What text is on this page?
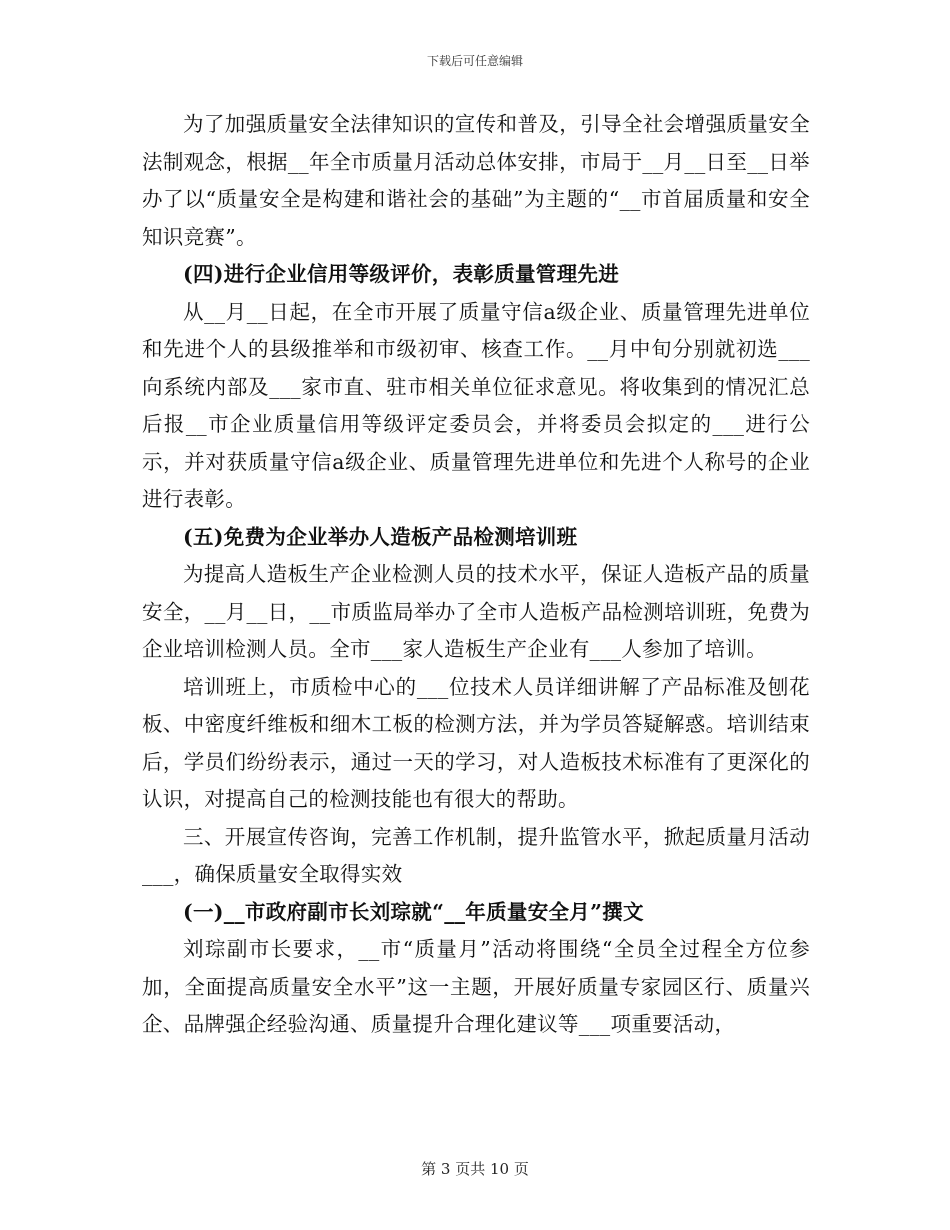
下载后可任意编辑

为了加强质量安全法律知识的宣传和普及，引导全社会增强质量安全法制观念，根据__年全市质量月活动总体安排，市局于__月__日至__日举办了以“质量安全是构建和谐社会的基础”为主题的“__市首届质量和安全知识竞赛”。

(四)进行企业信用等级评价，表彰质量管理先进

从__月__日起，在全市开展了质量守信a级企业、质量管理先进单位和先进个人的县级推举和市级初审、核查工作。__月中旬分别就初选___向系统内部及___家市直、驻市相关单位征求意见。将收集到的情况汇总后报__市企业质量信用等级评定委员会，并将委员会拟定的___进行公示，并对获质量守信a级企业、质量管理先进单位和先进个人称号的企业进行表彰。

(五)免费为企业举办人造板产品检测培训班

为提高人造板生产企业检测人员的技术水平，保证人造板产品的质量安全，__月__日，__市质监局举办了全市人造板产品检测培训班，免费为企业培训检测人员。全市___家人造板生产企业有___人参加了培训。

培训班上，市质检中心的___位技术人员详细讲解了产品标准及刨花板、中密度纤维板和细木工板的检测方法，并为学员答疑解惑。培训结束后，学员们纷纷表示，通过一天的学习，对人造板技术标准有了更深化的认识，对提高自己的检测技能也有很大的帮助。

三、开展宣传咨询，完善工作机制，提升监管水平，掀起质量月活动___，确保质量安全取得实效

(一)__市政府副市长刘琮就“__年质量安全月”撰文

刘琮副市长要求，__市“质量月”活动将围绕“全员全过程全方位参加，全面提高质量安全水平”这一主题，开展好质量专家园区行、质量兴企、品牌强企经验沟通、质量提升合理化建议等___项重要活动，

第 3 页共 10 页
